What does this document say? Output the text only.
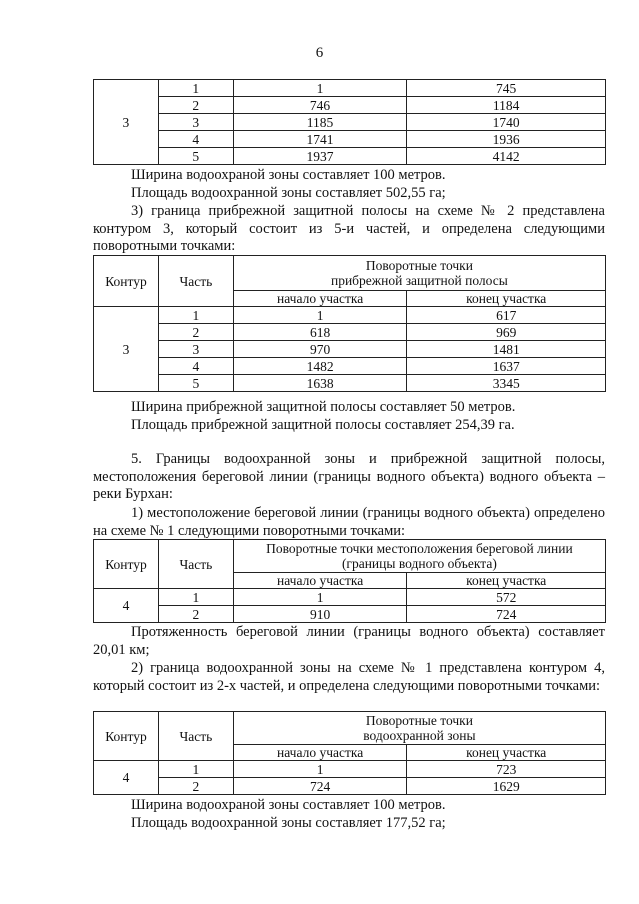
6
3	1	1	745
	2	746	1184
	3	1185	1740
	4	1741	1936
	5	1937	4142

Ширина водоохраной зоны составляет 100 метров.

Площадь водоохранной зоны составляет 502,55 га;

3) граница прибрежной защитной полосы на схеме № 2 представлена контуром 3, который состоит из 5-и частей, и определена следующими поворотными точками:

Контур	Часть	Поворотные точки
прибрежной защитной полосы	

		начало участка	конец участка
3	1	1	617
	2	618	969
	3	970	1481
	4	1482	1637
	5	1638	3345

Ширина прибрежной защитной полосы составляет 50 метров.

Площадь прибрежной защитной полосы составляет 254,39 га.

5. Границы водоохранной зоны и прибрежной защитной полосы, местоположения береговой линии (границы водного объекта) водного объекта – реки Бурхан:

1) местоположение береговой линии (границы водного объекта) определено на схеме № 1 следующими поворотными точками:

Контур	Часть	Поворотные точки местоположения береговой линии
(границы водного объекта)	

		начало участка	конец участка
4	1	1	572
	2	910	724

Протяженность береговой линии (границы водного объекта) составляет 20,01 км;

2) граница водоохранной зоны на схеме № 1 представлена контуром 4, который состоит из 2-х частей, и определена следующими поворотными точками:

Контур	Часть	Поворотные точки
водоохранной зоны	

		начало участка	конец участка
4	1	1	723
	2	724	1629

Ширина водоохраной зоны составляет 100 метров.

Площадь водоохранной зоны составляет 177,52 га;
